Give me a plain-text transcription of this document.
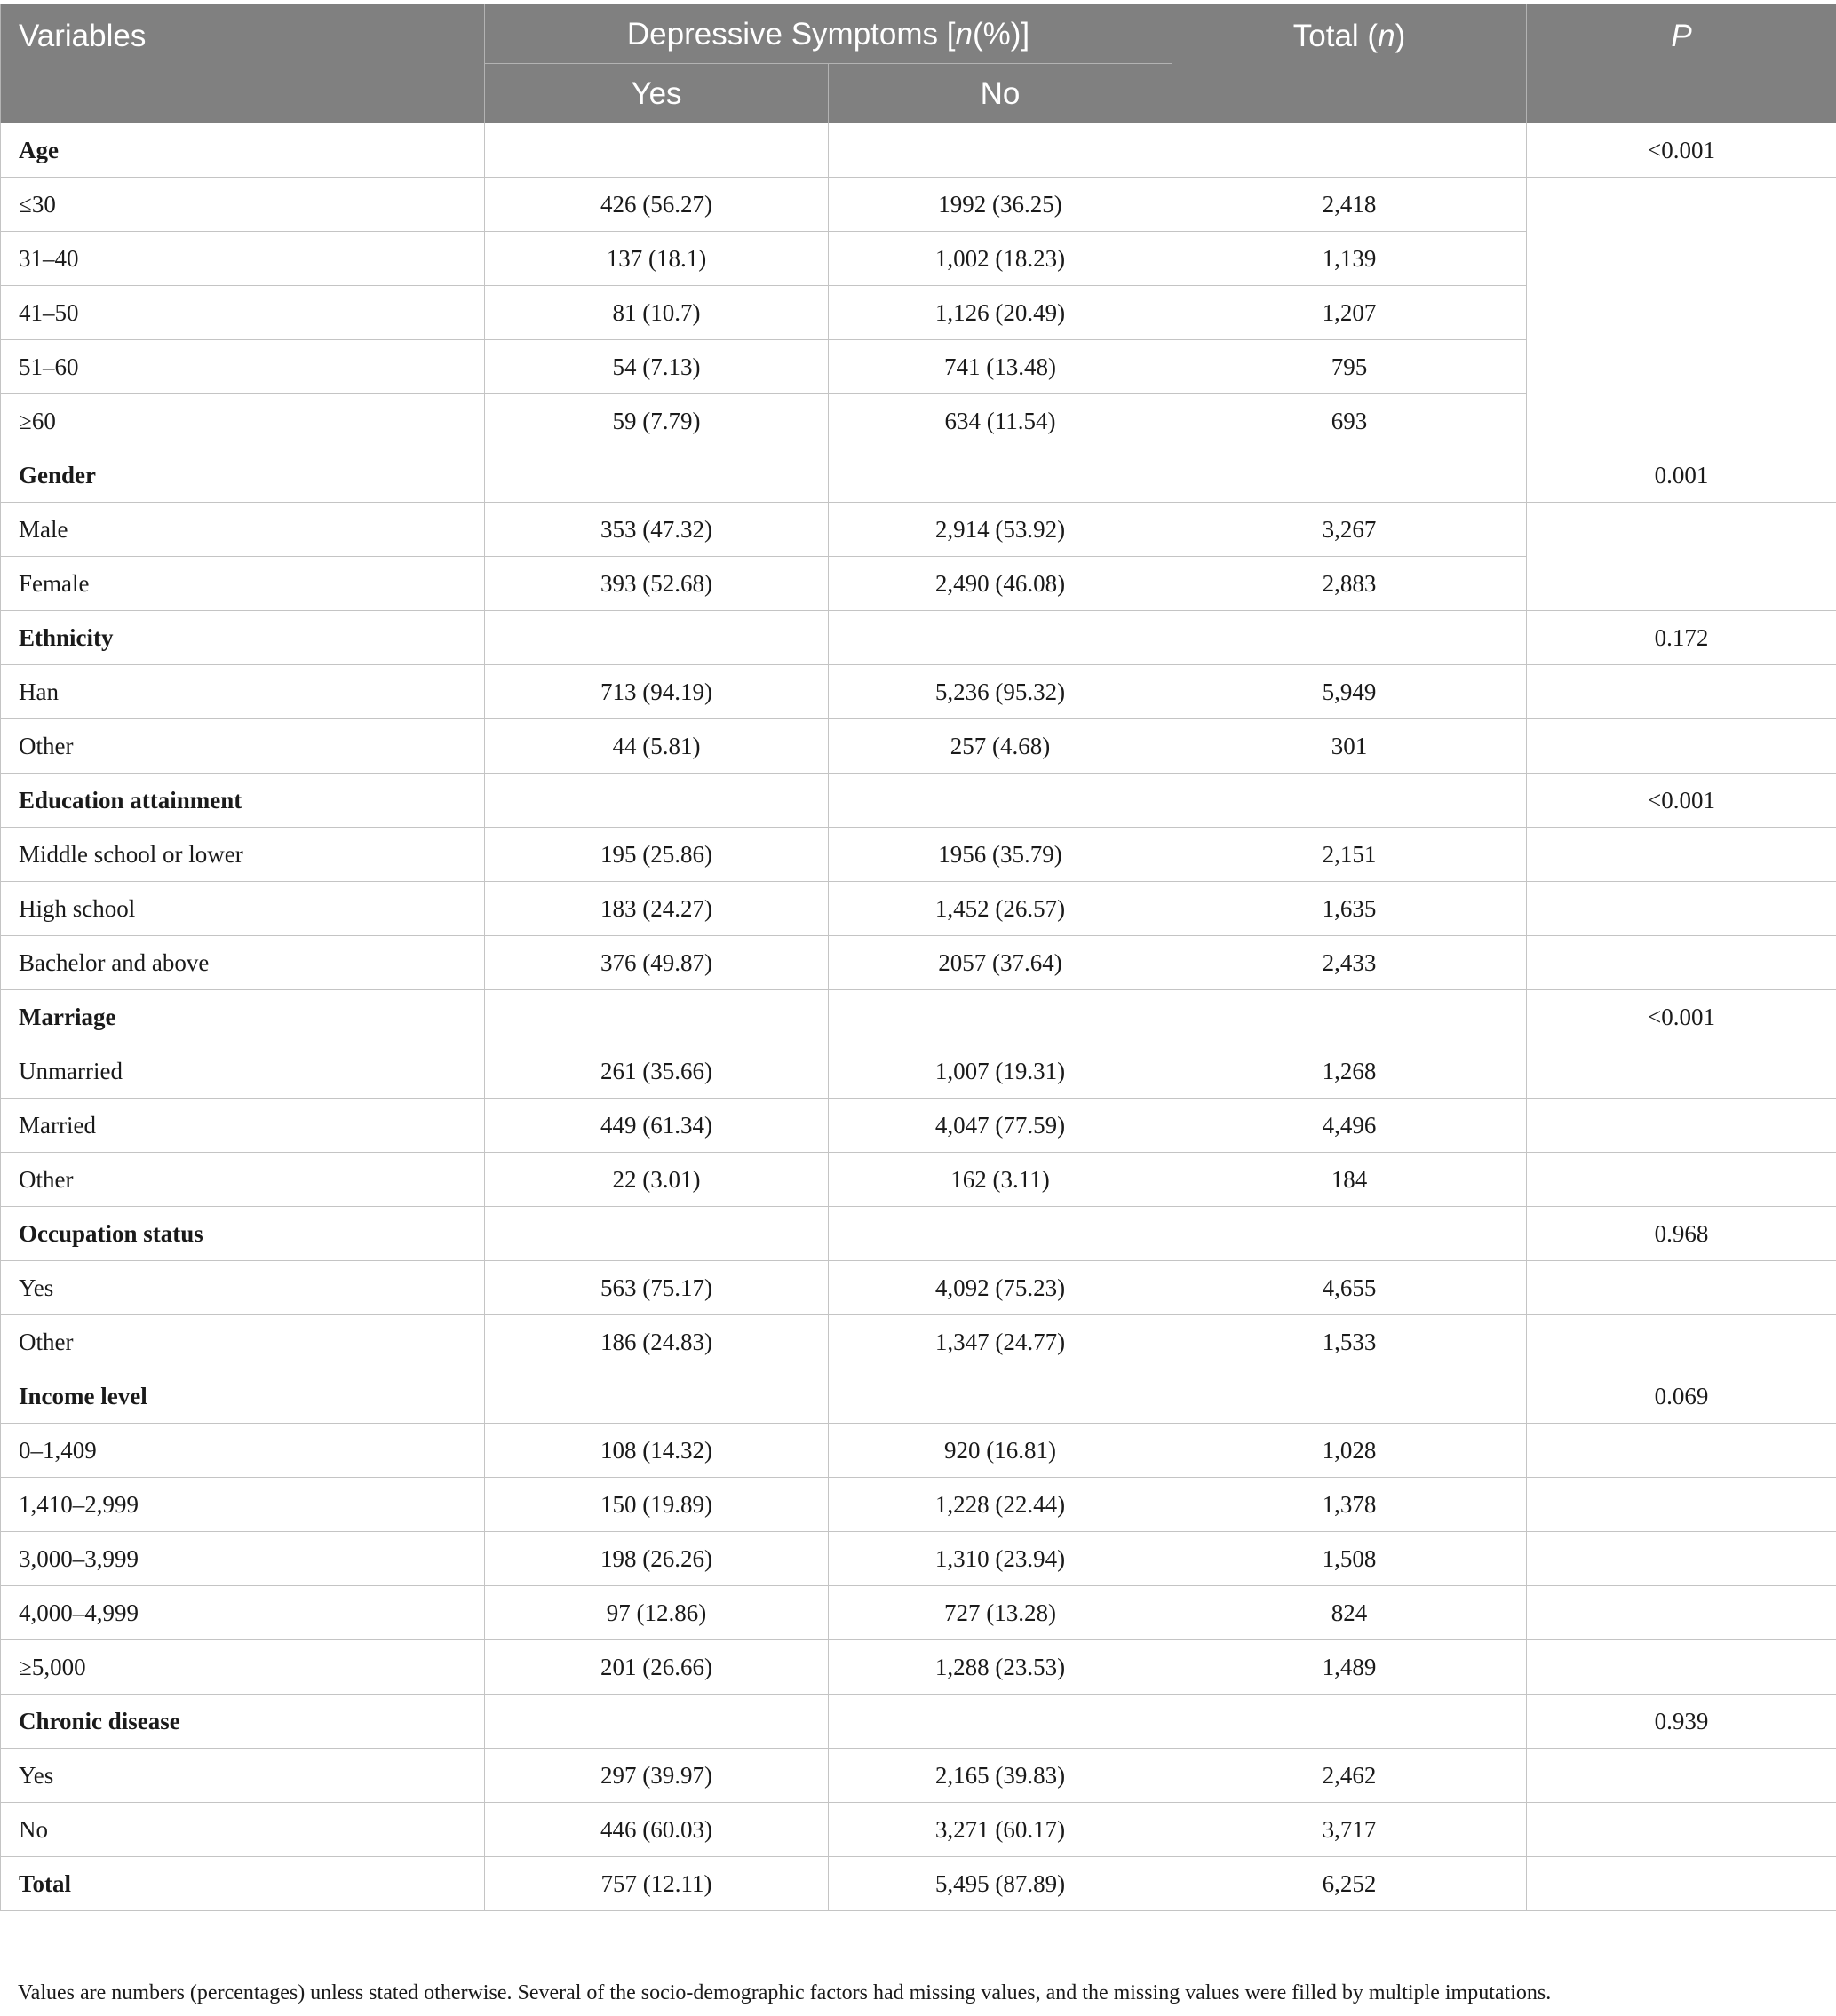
Variables	Depressive Symptoms [n(%)]		Total (n)	P
	Yes	No		
Age				<0.001
≤30	426 (56.27)	1992 (36.25)	2,418	
31–40	137 (18.1)	1,002 (18.23)	1,139	
41–50	81 (10.7)	1,126 (20.49)	1,207	
51–60	54 (7.13)	741 (13.48)	795	
≥60	59 (7.79)	634 (11.54)	693	
Gender				0.001
Male	353 (47.32)	2,914 (53.92)	3,267	
Female	393 (52.68)	2,490 (46.08)	2,883	
Ethnicity				0.172
Han	713 (94.19)	5,236 (95.32)	5,949	
Other	44 (5.81)	257 (4.68)	301	
Education attainment				<0.001
Middle school or lower	195 (25.86)	1956 (35.79)	2,151	
High school	183 (24.27)	1,452 (26.57)	1,635	
Bachelor and above	376 (49.87)	2057 (37.64)	2,433	
Marriage				<0.001
Unmarried	261 (35.66)	1,007 (19.31)	1,268	
Married	449 (61.34)	4,047 (77.59)	4,496	
Other	22 (3.01)	162 (3.11)	184	
Occupation status				0.968
Yes	563 (75.17)	4,092 (75.23)	4,655	
Other	186 (24.83)	1,347 (24.77)	1,533	
Income level				0.069
0–1,409	108 (14.32)	920 (16.81)	1,028	
1,410–2,999	150 (19.89)	1,228 (22.44)	1,378	
3,000–3,999	198 (26.26)	1,310 (23.94)	1,508	
4,000–4,999	97 (12.86)	727 (13.28)	824	
≥5,000	201 (26.66)	1,288 (23.53)	1,489	
Chronic disease				0.939
Yes	297 (39.97)	2,165 (39.83)	2,462	
No	446 (60.03)	3,271 (60.17)	3,717	
Total	757 (12.11)	5,495 (87.89)	6,252	
Values are numbers (percentages) unless stated otherwise. Several of the socio-demographic factors had missing values, and the missing values were filled by multiple imputations.
